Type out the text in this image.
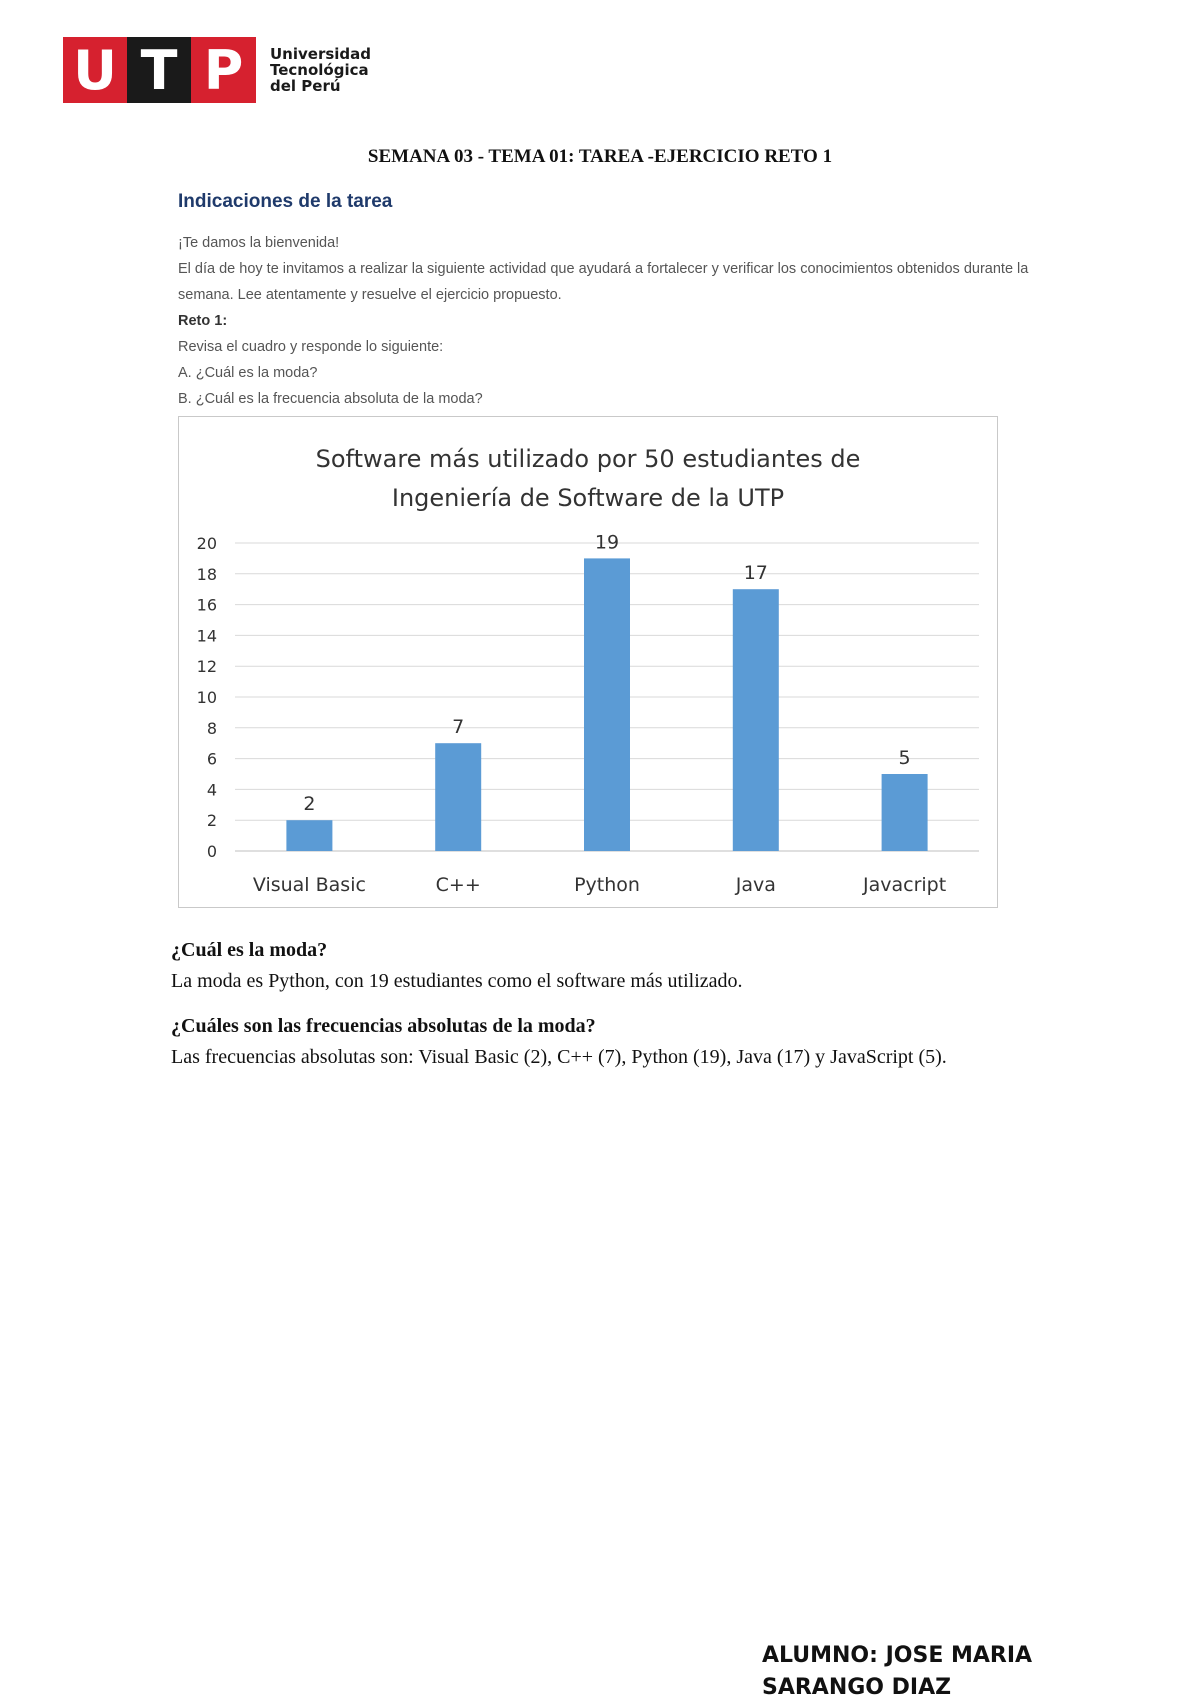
U T P	Universidad
Tecnológica
del Perú
SEMANA 03 - TEMA 01: TAREA -EJERCICIO RETO 1
Indicaciones de la tarea

¡Te damos la bienvenida!

El día de hoy te invitamos a realizar la siguiente actividad que ayudará a fortalecer y verificar los conocimientos obtenidos durante la semana. Lee atentamente y resuelve el ejercicio propuesto.

Reto 1:

Revisa el cuadro y responde lo siguiente:

A. ¿Cuál es la moda?

B. ¿Cuál es la frecuencia absoluta de la moda?

Software más utilizado por 50 estudiantes de
Ingeniería de Software de la UTP
0
2
4
6
8
10
12
14
16
18
20
2
Visual Basic
7
C++
19
Python
17
Java
5
Javacript

¿Cuál es la moda?

La moda es Python, con 19 estudiantes como el software más utilizado.

¿Cuáles son las frecuencias absolutas de la moda?

Las frecuencias absolutas son: Visual Basic (2), C++ (7), Python (19), Java (17) y JavaScript (5).

ALUMNO: JOSE MARIA
SARANGO DIAZ
